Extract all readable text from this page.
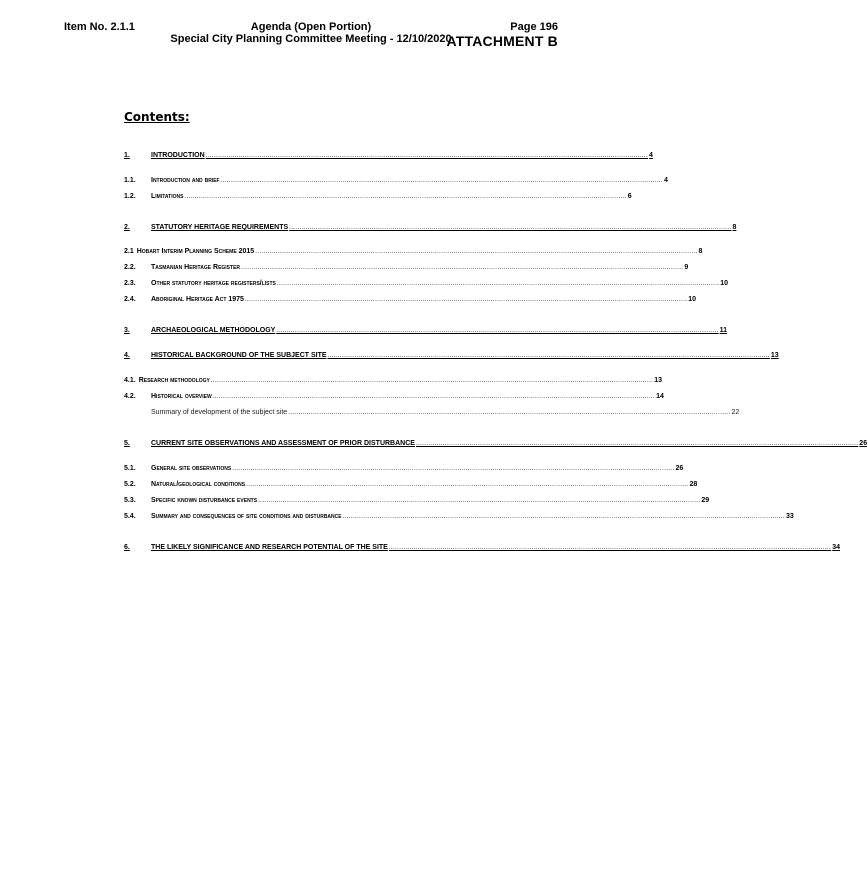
Item No. 2.1.1	Agenda (Open Portion)
Special City Planning Committee Meeting - 12/10/2020
Page 196
ATTACHMENT B
Contents:
1.	INTRODUCTION ...................................................................................................................................................................................................................... 4
1.1.	Introduction and brief ...................................................................................................................................................................................................................... 4
1.2.	Limitations ...................................................................................................................................................................................................................... 6
2.	STATUTORY HERITAGE REQUIREMENTS ...................................................................................................................................................................................................................... 8
2.1 Hobart Interim Planning Scheme 2015 ...................................................................................................................................................................................................................... 8
2.2.	Tasmanian Heritage Register ...................................................................................................................................................................................................................... 9
2.3.	Other statutory heritage registers/lists ...................................................................................................................................................................................................................... 10
2.4.	Aboriginal Heritage Act 1975 ...................................................................................................................................................................................................................... 10
3.	ARCHAEOLOGICAL METHODOLOGY ...................................................................................................................................................................................................................... 11
4.	HISTORICAL BACKGROUND OF THE SUBJECT SITE ...................................................................................................................................................................................................................... 13
4.1. Research methodology ...................................................................................................................................................................................................................... 13
4.2.	Historical overview ...................................................................................................................................................................................................................... 14
Summary of development of the subject site ...................................................................................................................................................................................................................... 22
5.	CURRENT SITE OBSERVATIONS AND ASSESSMENT OF PRIOR DISTURBANCE ...................................................................................................................................................................................................................... 26
5.1.	General site observations ...................................................................................................................................................................................................................... 26
5.2.	Natural/geological conditions ...................................................................................................................................................................................................................... 28
5.3.	Specific known disturbance events ...................................................................................................................................................................................................................... 29
5.4.	Summary and consequences of site conditions and disturbance ...................................................................................................................................................................................................................... 33
6.	THE LIKELY SIGNIFICANCE AND RESEARCH POTENTIAL OF THE SITE ...................................................................................................................................................................................................................... 34
